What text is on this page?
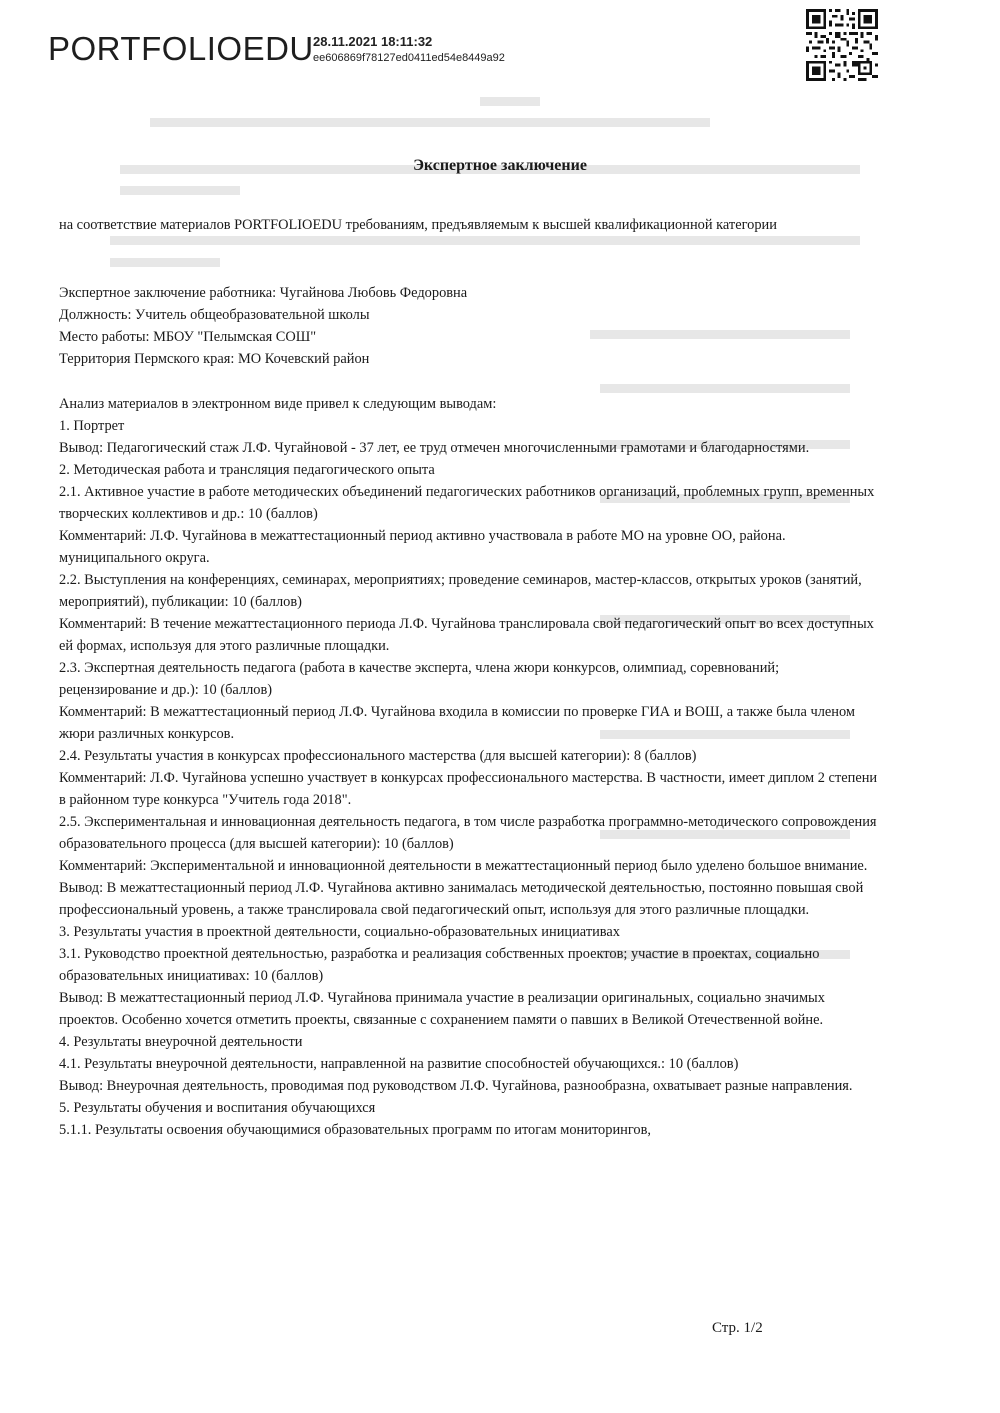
PORTFOLIOEDU 28.11.2021 18:11:32
ee606869f78127ed0411ed54e8449a92
Экспертное заключение

на соответствие материалов PORTFOLIOEDU требованиям, предъявляемым к высшей квалификационной категории

Экспертное заключение работника: Чугайнова Любовь Федоровна

Должность: Учитель общеобразовательной школы

Место работы: МБОУ "Пелымская СОШ"

Территория Пермского края: МО Кочевский район

Анализ материалов в электронном виде привел к следующим выводам:

1. Портрет

Вывод: Педагогический стаж Л.Ф. Чугайновой - 37 лет, ее труд отмечен многочисленными грамотами и благодарностями.

2. Методическая работа и трансляция педагогического опыта

2.1. Активное участие в работе методических объединений педагогических работников организаций, проблемных групп, временных творческих коллективов и др.: 10 (баллов)

Комментарий: Л.Ф. Чугайнова в межаттестационный период активно участвовала в работе МО на уровне ОО, района. муниципального округа.

2.2. Выступления на конференциях, семинарах, мероприятиях; проведение семинаров, мастер-классов, открытых уроков (занятий, мероприятий), публикации: 10 (баллов)

Комментарий: В течение межаттестационного периода Л.Ф. Чугайнова транслировала свой педагогический опыт во всех доступных ей формах, используя для этого различные площадки.

2.3. Экспертная деятельность педагога (работа в качестве эксперта, члена жюри конкурсов, олимпиад, соревнований; рецензирование и др.): 10 (баллов)

Комментарий: В межаттестационный период Л.Ф. Чугайнова входила в комиссии по проверке ГИА и ВОШ, а также была членом жюри различных конкурсов.

2.4. Результаты участия в конкурсах профессионального мастерства (для высшей категории): 8 (баллов)

Комментарий: Л.Ф. Чугайнова успешно участвует в конкурсах профессионального мастерства. В частности, имеет диплом 2 степени в районном туре конкурса "Учитель года 2018".

2.5. Экспериментальная и инновационная деятельность педагога, в том числе разработка программно-методического сопровождения образовательного процесса (для высшей категории): 10 (баллов)

Комментарий: Экспериментальной и инновационной деятельности в межаттестационный период было уделено большое внимание.

Вывод: В межаттестационный период Л.Ф. Чугайнова активно занималась методической деятельностью, постоянно повышая свой профессиональный уровень, а также транслировала свой педагогический опыт, используя для этого различные площадки.

3. Результаты участия в проектной деятельности, социально-образовательных инициативах

3.1. Руководство проектной деятельностью, разработка и реализация собственных проектов; участие в проектах, социально образовательных инициативах: 10 (баллов)

Вывод: В межаттестационный период Л.Ф. Чугайнова принимала участие в реализации оригинальных, социально значимых проектов. Особенно хочется отметить проекты, связанные с сохранением памяти о павших в Великой Отечественной войне.

4. Результаты внеурочной деятельности

4.1. Результаты внеурочной деятельности, направленной на развитие способностей обучающихся.: 10 (баллов)

Вывод: Внеурочная деятельность, проводимая под руководством Л.Ф. Чугайнова, разнообразна, охватывает разные направления.

5. Результаты обучения и воспитания обучающихся

5.1.1. Результаты освоения обучающимися образовательных программ по итогам мониторингов,

Стр. 1/2
